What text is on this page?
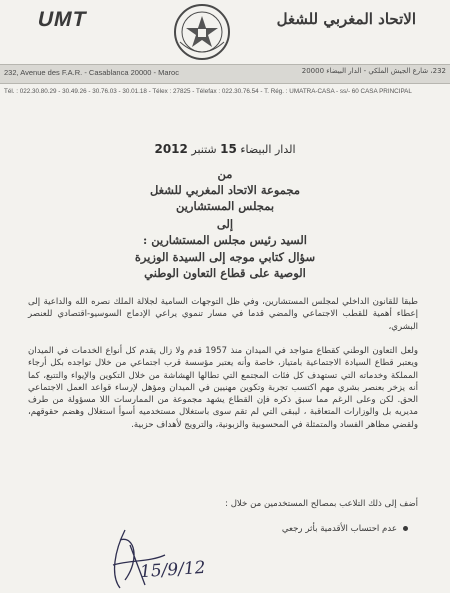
UMT	الاتحاد المغربي للشغل
232, Avenue des F.A.R. - Casablanca 20000 - Maroc	232، شارع الجيش الملكي - الدار البيضاء 20000
Tél. : 022.30.80.29 - 30.49.26 - 30.76.03 - 30.01.18 - Télex : 27825 - Télefax : 022.30.76.54 - T. Rég. : UMATRA-CASA - ss/- 60 CASA PRINCIPAL
الدار البيضاء 15 شتنبر 2012
من
مجموعة الاتحاد المغربي للشغل
بمجلس المستشارين
إلى
السيد رئيس مجلس المستشارين :
سؤال كتابي موجه إلى السيدة الوزيرة
الوصية على قطاع التعاون الوطني
طبقا للقانون الداخلي لمجلس المستشارين، وفي ظل التوجهات السامية لجلالة الملك نصره الله والداعية إلى إعطاء أهمية للقطب الاجتماعي والمضي قدما في مسار تنموي يراعي الإدماج السوسيو-اقتصادي للعنصر البشري،
ولعل التعاون الوطني كقطاع متواجد في الميدان منذ 1957 قدم ولا زال يقدم كل أنواع الخدمات في الميدان ويعتبر قطاع السيادة الاجتماعية بامتياز، خاصة وأنه يعتبر مؤسسة قرب اجتماعي من خلال تواجده بكل أرجاء المملكة وخدماته التي تستهدف كل فئات المجتمع التي تطالها الهشاشة من خلال التكوين والإيواء والتتبع، كما أنه يزخر بعنصر بشري مهم اكتسب تجربة وتكوين مهنيين في الميدان ومؤهل لإرساء قواعد العمل الاجتماعي الحق. لكن وعلى الرغم مما سبق ذكره فإن القطاع يشهد مجموعة من الممارسات اللا مسؤولة من طرف مديريه بل والوزارات المتعاقبة ، ليبقى التي لم تقم سوى باستغلال مستخدميه أسوأ استغلال وهضم حقوقهم، ولقضي مظاهر الفساد والمتمثلة في المحسوبية والزبونية، والترويج لأهداف حزبية.
أضف إلى ذلك التلاعب بمصالح المستخدمين من خلال :
عدم احتساب الأقدمية بأثر رجعي
15/9/12
